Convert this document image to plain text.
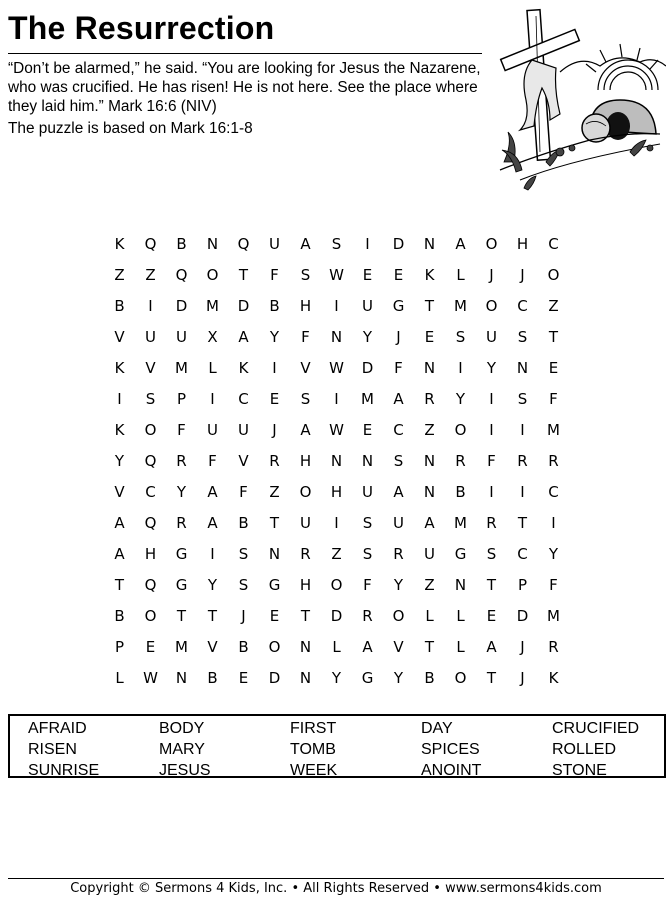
The Resurrection
“Don’t be alarmed,” he said. “You are looking for Jesus the Nazarene, who was crucified. He has risen! He is not here. See the place where they laid him.” Mark 16:6 (NIV)
The puzzle is based on Mark 16:1-8
K	Q	B	N	Q	U	A	S	I	D	N	A	O	H	C
Z	Z	Q	O	T	F	S	W	E	E	K	L	J	J	O
B	I	D	M	D	B	H	I	U	G	T	M	O	C	Z
V	U	U	X	A	Y	F	N	Y	J	E	S	U	S	T
K	V	M	L	K	I	V	W	D	F	N	I	Y	N	E
I	S	P	I	C	E	S	I	M	A	R	Y	I	S	F
K	O	F	U	U	J	A	W	E	C	Z	O	I	I	M
Y	Q	R	F	V	R	H	N	N	S	N	R	F	R	R
V	C	Y	A	F	Z	O	H	U	A	N	B	I	I	C
A	Q	R	A	B	T	U	I	S	U	A	M	R	T	I
A	H	G	I	S	N	R	Z	S	R	U	G	S	C	Y
T	Q	G	Y	S	G	H	O	F	Y	Z	N	T	P	F
B	O	T	T	J	E	T	D	R	O	L	L	E	D	M
P	E	M	V	B	O	N	L	A	V	T	L	A	J	R
L	W	N	B	E	D	N	Y	G	Y	B	O	T	J	K
AFRAID
RISEN
SUNRISE
BODY
MARY
JESUS
FIRST
TOMB
WEEK
DAY
SPICES
ANOINT
CRUCIFIED
ROLLED
STONE
Copyright © Sermons 4 Kids, Inc. • All Rights Reserved • www.sermons4kids.com
